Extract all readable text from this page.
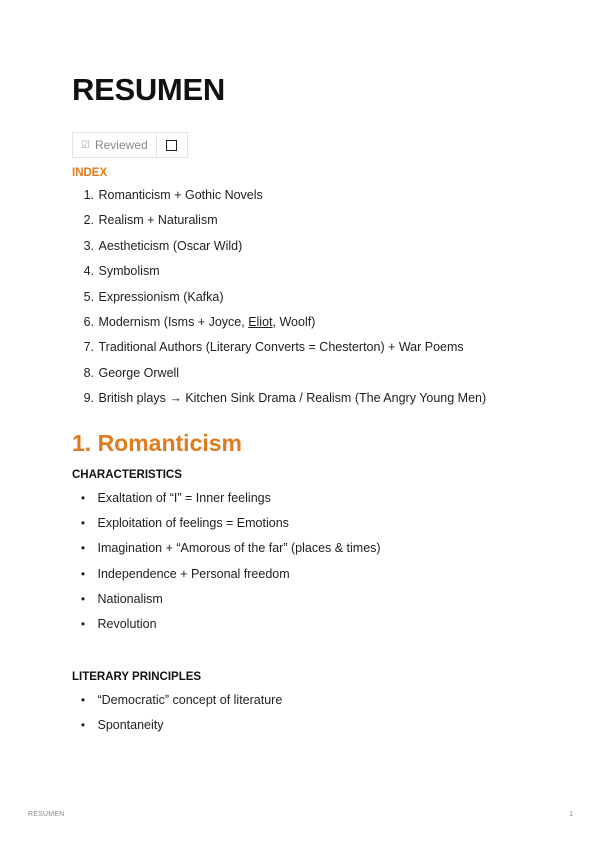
RESUMEN
☑ Reviewed
INDEX
1.
Romanticism + Gothic Novels
2.
Realism + Naturalism
3.
Aestheticism (Oscar Wild)
4.
Symbolism
5.
Expressionism (Kafka)
6.
Modernism (Isms + Joyce, Eliot, Woolf)
7.
Traditional Authors (Literary Converts = Chesterton) + War Poems
8.
George Orwell
9.
British plays → Kitchen Sink Drama / Realism (The Angry Young Men)
1. Romanticism
CHARACTERISTICS
•
Exaltation of “I” = Inner feelings
•
Exploitation of feelings = Emotions
•
Imagination + “Amorous of the far” (places & times)
•
Independence + Personal freedom
•
Nationalism
•
Revolution
LITERARY PRINCIPLES
•
“Democratic” concept of literature
•
Spontaneity
RESUMEN	1
